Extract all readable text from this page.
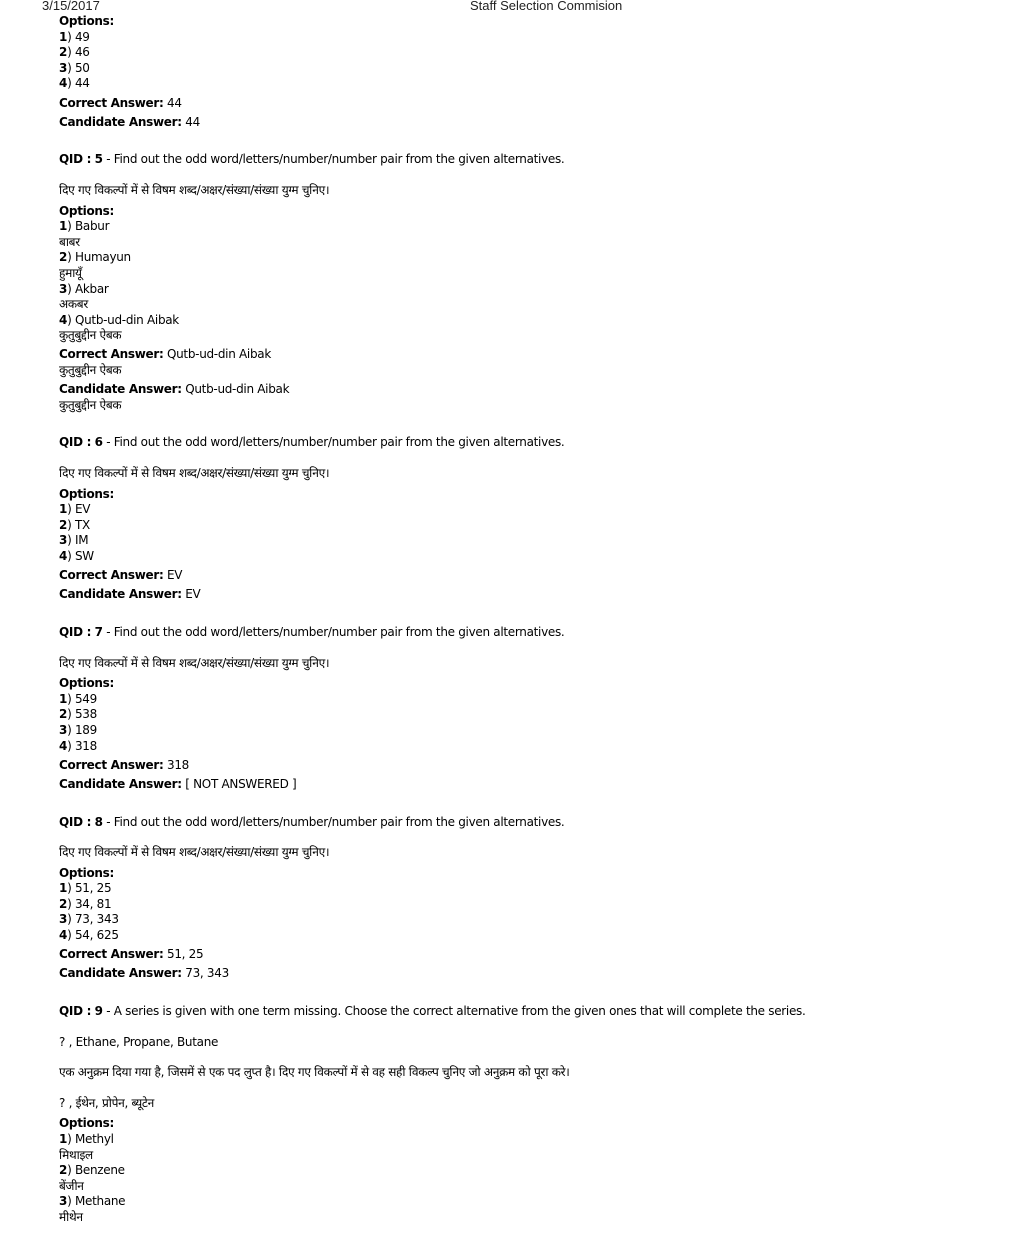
3/15/2017	Staff Selection Commision
Options:
1) 49
2) 46
3) 50
4) 44
Correct Answer: 44
Candidate Answer: 44
QID : 5 - Find out the odd word/letters/number/number pair from the given alternatives.
दिए गए विकल्पों में से विषम शब्द/अक्षर/संख्या/संख्या युग्म चुनिए।
Options:
1) Babur
बाबर
2) Humayun
हुमायूँ
3) Akbar
अकबर
4) Qutb-ud-din Aibak
कुतुबुद्दीन ऐबक
Correct Answer: Qutb-ud-din Aibak
कुतुबुद्दीन ऐबक
Candidate Answer: Qutb-ud-din Aibak
कुतुबुद्दीन ऐबक
QID : 6 - Find out the odd word/letters/number/number pair from the given alternatives.
दिए गए विकल्पों में से विषम शब्द/अक्षर/संख्या/संख्या युग्म चुनिए।
Options:
1) EV
2) TX
3) IM
4) SW
Correct Answer: EV
Candidate Answer: EV
QID : 7 - Find out the odd word/letters/number/number pair from the given alternatives.
दिए गए विकल्पों में से विषम शब्द/अक्षर/संख्या/संख्या युग्म चुनिए।
Options:
1) 549
2) 538
3) 189
4) 318
Correct Answer: 318
Candidate Answer: [ NOT ANSWERED ]
QID : 8 - Find out the odd word/letters/number/number pair from the given alternatives.
दिए गए विकल्पों में से विषम शब्द/अक्षर/संख्या/संख्या युग्म चुनिए।
Options:
1) 51, 25
2) 34, 81
3) 73, 343
4) 54, 625
Correct Answer: 51, 25
Candidate Answer: 73, 343
QID : 9 - A series is given with one term missing. Choose the correct alternative from the given ones that will complete the series.
? , Ethane, Propane, Butane
एक अनुक्रम दिया गया है, जिसमें से एक पद लुप्त है। दिए गए विकल्पों में से वह सही विकल्प चुनिए जो अनुक्रम को पूरा करे।
? , ईथेन, प्रोपेन, ब्यूटेन
Options:
1) Methyl
मिथाइल
2) Benzene
बेंजीन
3) Methane
मीथेन
